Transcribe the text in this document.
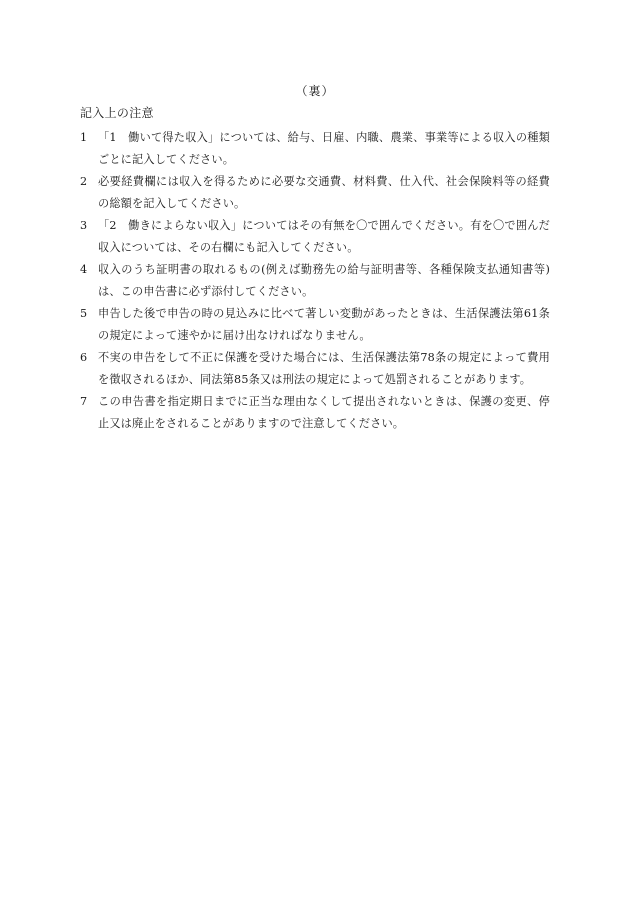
（裏）
記入上の注意
1 「1　働いて得た収入」については、給与、日雇、内職、農業、事業等による収入の種類ごとに記入してください。
2 必要経費欄には収入を得るために必要な交通費、材料費、仕入代、社会保険料等の経費の総額を記入してください。
3 「2　働きによらない収入」についてはその有無を〇で囲んでください。有を〇で囲んだ収入については、その右欄にも記入してください。
4 収入のうち証明書の取れるもの(例えば勤務先の給与証明書等、各種保険支払通知書等)は、この申告書に必ず添付してください。
5 申告した後で申告の時の見込みに比べて著しい変動があったときは、生活保護法第61条の規定によって速やかに届け出なければなりません。
6 不実の申告をして不正に保護を受けた場合には、生活保護法第78条の規定によって費用を徴収されるほか、同法第85条又は刑法の規定によって処罰されることがあります。
7 この申告書を指定期日までに正当な理由なくして提出されないときは、保護の変更、停止又は廃止をされることがありますので注意してください。
